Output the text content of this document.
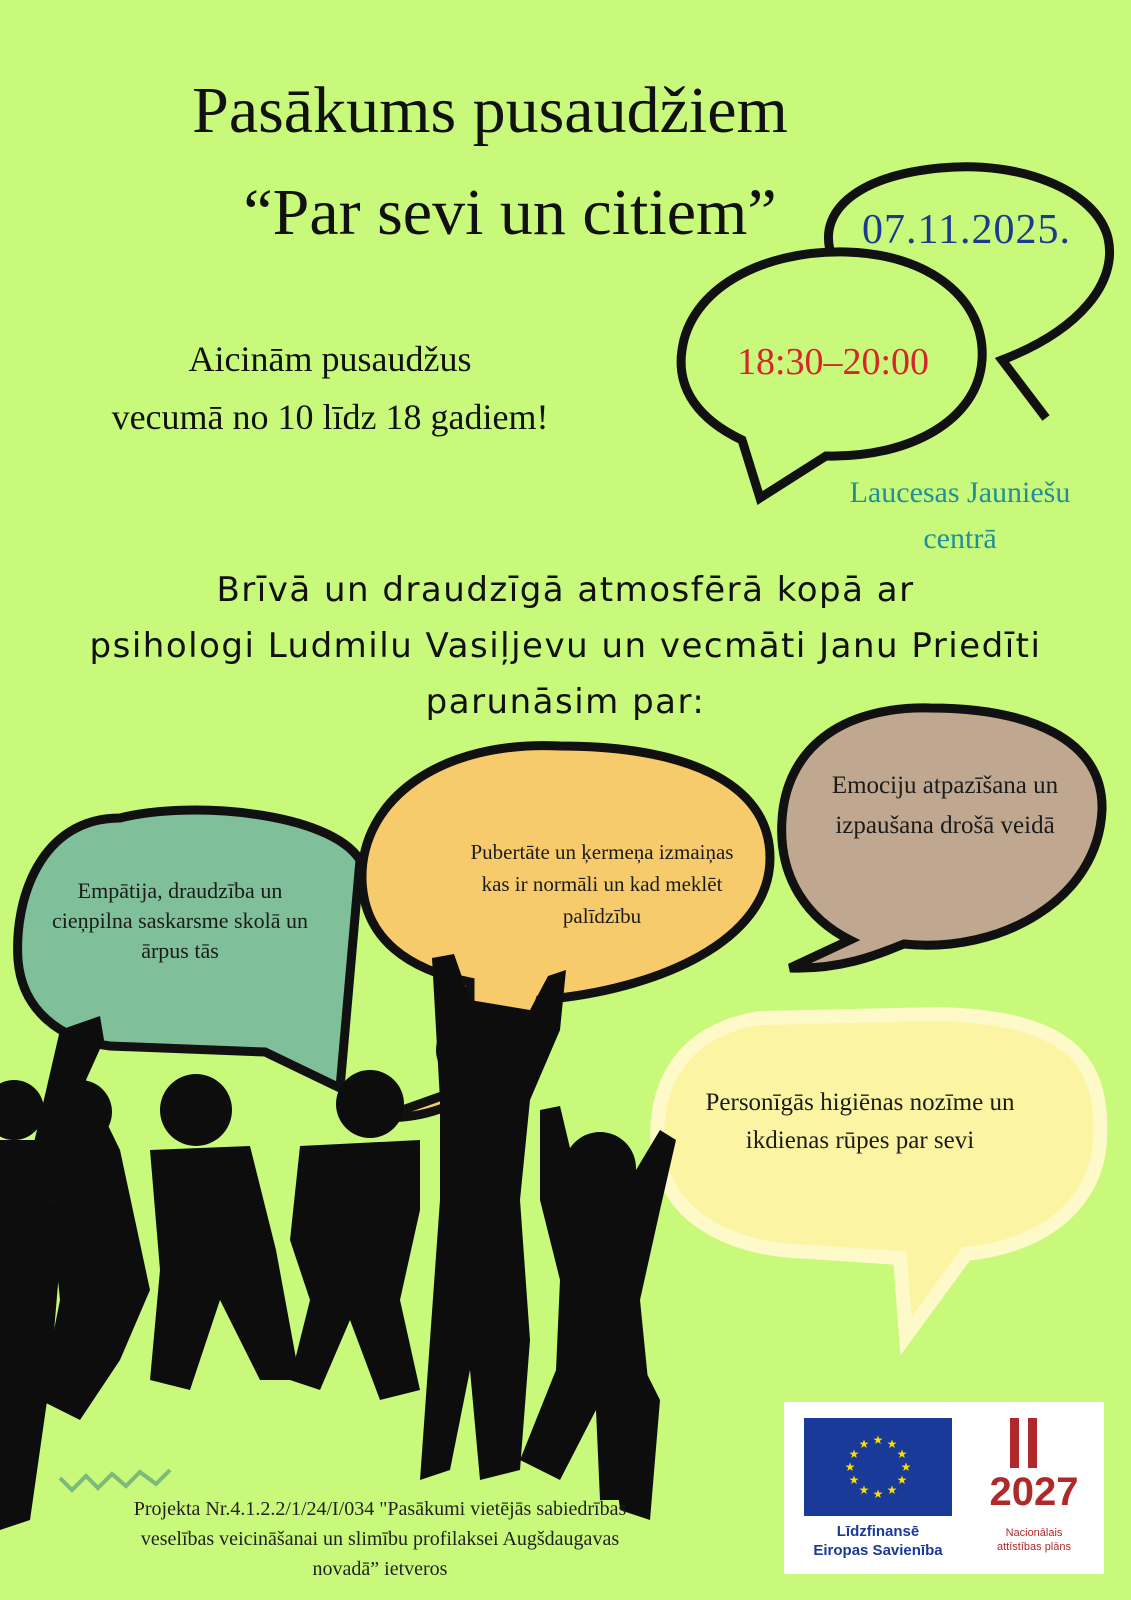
Pasākums pusaudžiem
“Par sevi un citiem”	07.11.2025.
18:30–20:00
Aicinām pusaudžus
vecumā no 10 līdz 18 gadiem!
Laucesas Jauniešu
centrā
Brīvā un draudzīgā atmosfērā kopā ar
psihologi Ludmilu Vasiļjevu un vecmāti Janu Priedīti
parunāsim par:
Empātija, draudzība un
cieņpilna saskarsme skolā un
ārpus tās
Pubertāte un ķermeņa izmaiņas
kas ir normāli un kad meklēt
palīdzību
Emociju atpazīšana un
izpaušana drošā veidā
Personīgās higiēnas nozīme un
ikdienas rūpes par sevi
Projekta Nr.4.1.2.2/1/24/I/034 "Pasākumi vietējās sabiedrības
veselības veicināšanai un slimību profilaksei Augšdaugavas
novadā” ietveros
★ ★
★
★
★
★
★
★
★
★
★
★
Līdzfinansē
Eiropas Savienība
2027
Nacionālais
attīstības plāns
